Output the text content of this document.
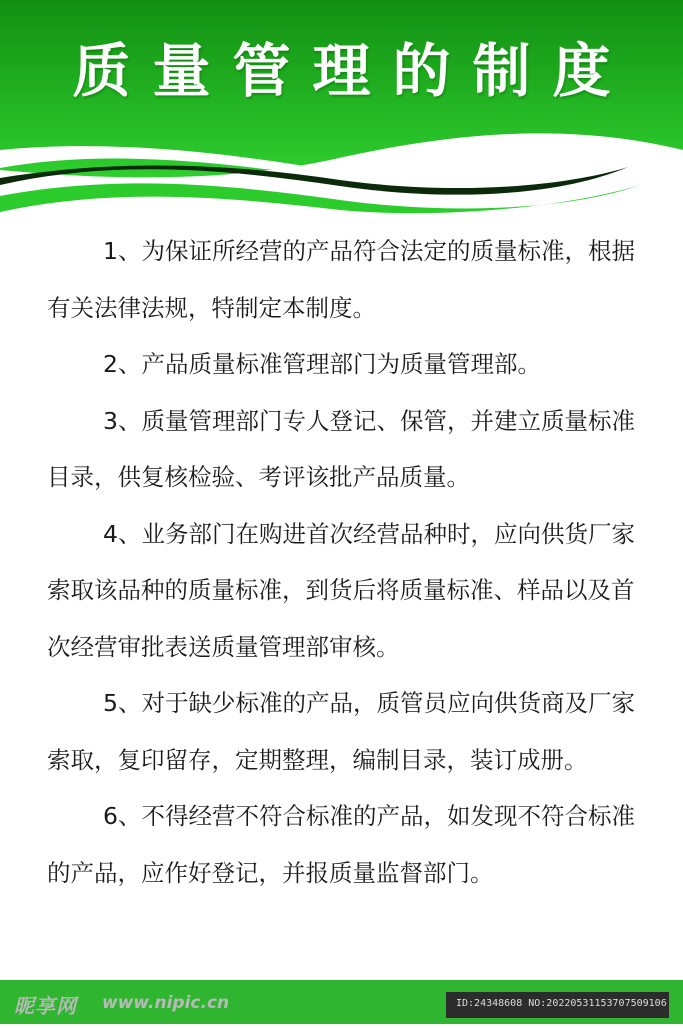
质量管理的制度

1、为保证所经营的产品符合法定的质量标准，根据有关法律法规，特制定本制度。

2、产品质量标准管理部门为质量管理部。

3、质量管理部门专人登记、保管，并建立质量标准目录，供复核检验、考评该批产品质量。

4、业务部门在购进首次经营品种时，应向供货厂家索取该品种的质量标准，到货后将质量标准、样品以及首次经营审批表送质量管理部审核。

5、对于缺少标准的产品，质管员应向供货商及厂家索取，复印留存，定期整理，编制目录，装订成册。

6、不得经营不符合标准的产品，如发现不符合标准的产品，应作好登记，并报质量监督部门。

昵享网 www.nipic.cn	ID:24348608 NO:20220531153707509106
